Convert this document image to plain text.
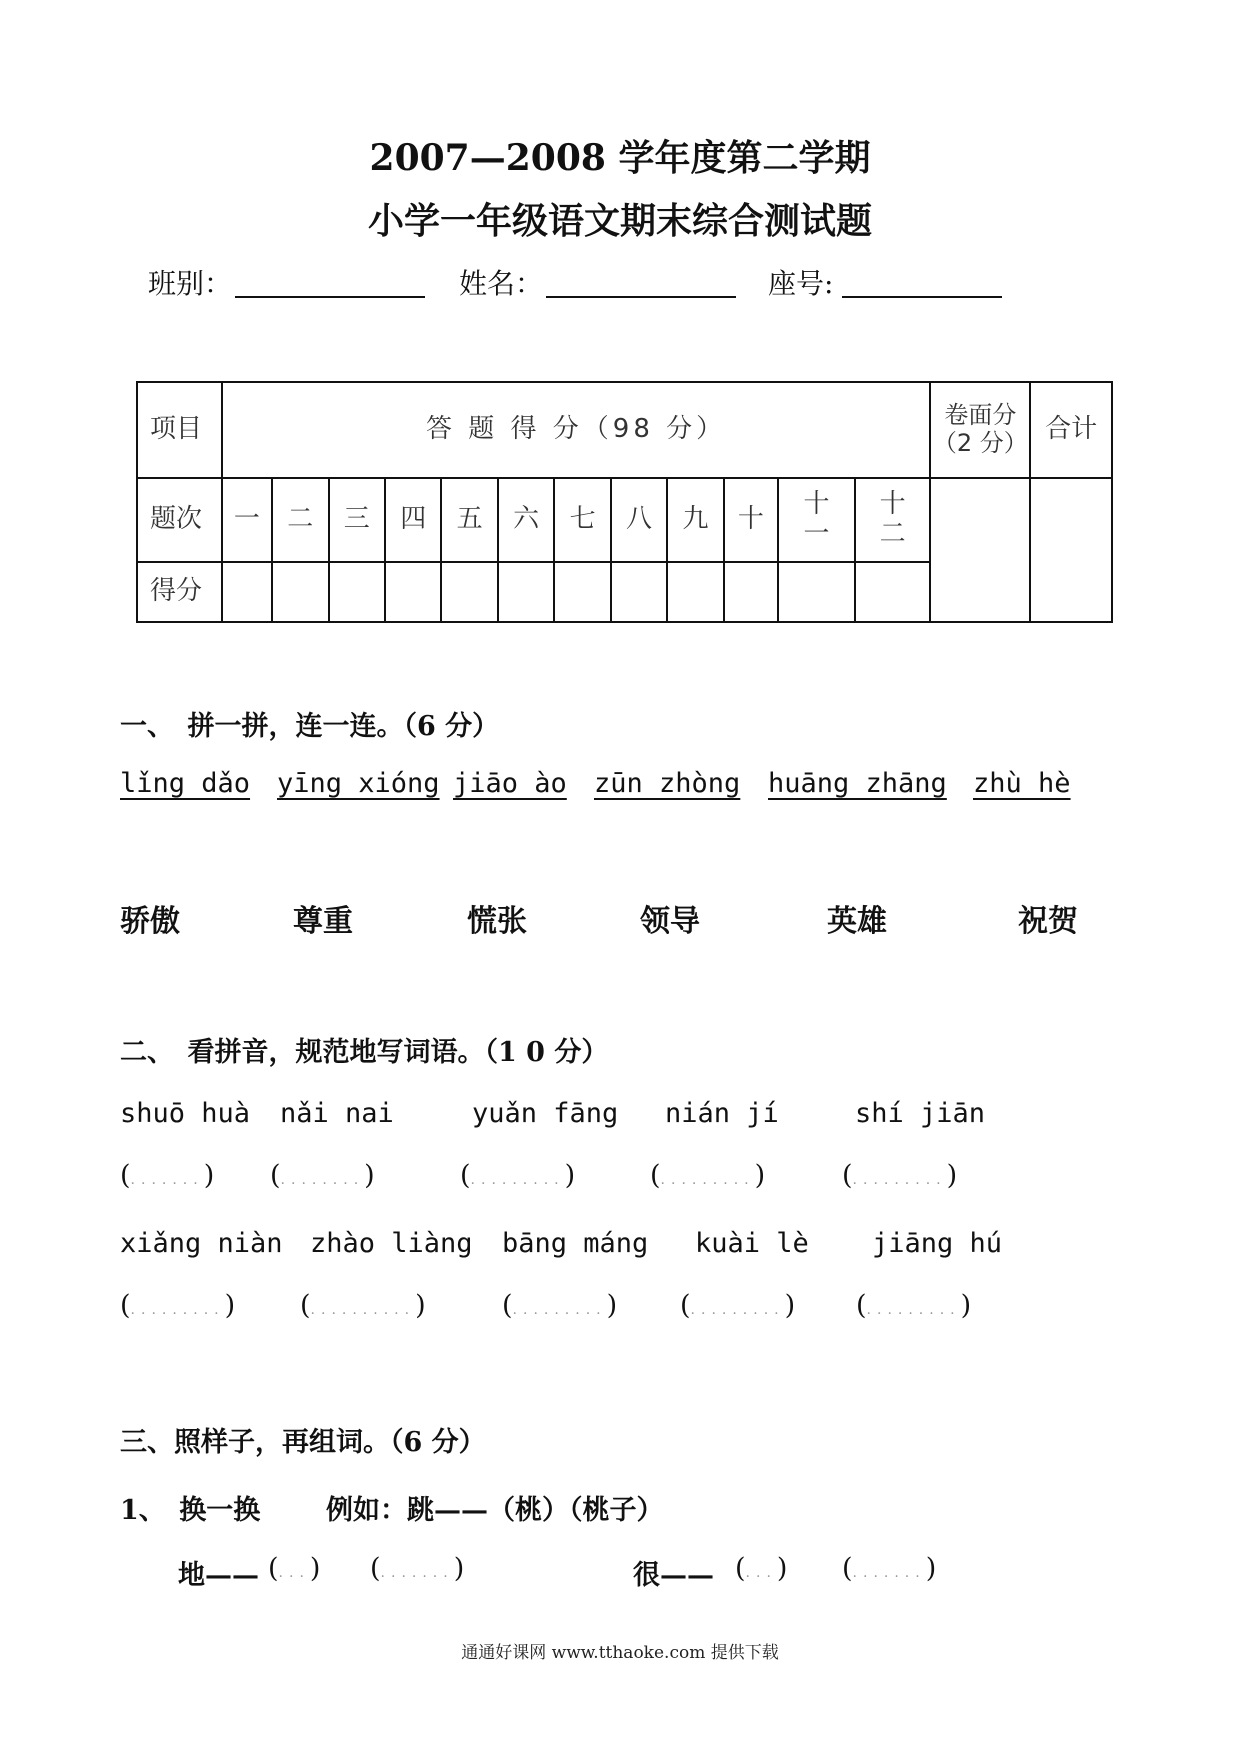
2007—2008 学年度第二学期
小学一年级语文期末综合测试题
班别：	姓名：	座号:
项目	答 题 得 分（98 分）												卷面分（2 分）	合计
题次	一	二	三	四	五	六	七	八	九	十	十一	十二		
得分														
一、　拼一拼，连一连。（6 分）
lǐng dǎo yīng xióng jiāo ào zūn zhòng huāng zhāng zhù hè
骄傲	尊重	慌张	领导	英雄	祝贺
二、　看拼音，规范地写词语。（1 0 分）
shuō huà nǎi nai	yuǎn fāng nián jí	shí jiān
(.......) (........)	(.........)	(.........)	(.........)
xiǎng niàn zhào liàng bāng máng kuài lè jiāng hú
(.........) (..........)	(.........) (.........) (.........)
三、照样子，再组词。（6 分）
1、　换一换 例如：跳——（桃）（桃子）
地—— (...) (.......)	很—— (...) (.......)
通通好课网 www.tthaoke.com 提供下载
